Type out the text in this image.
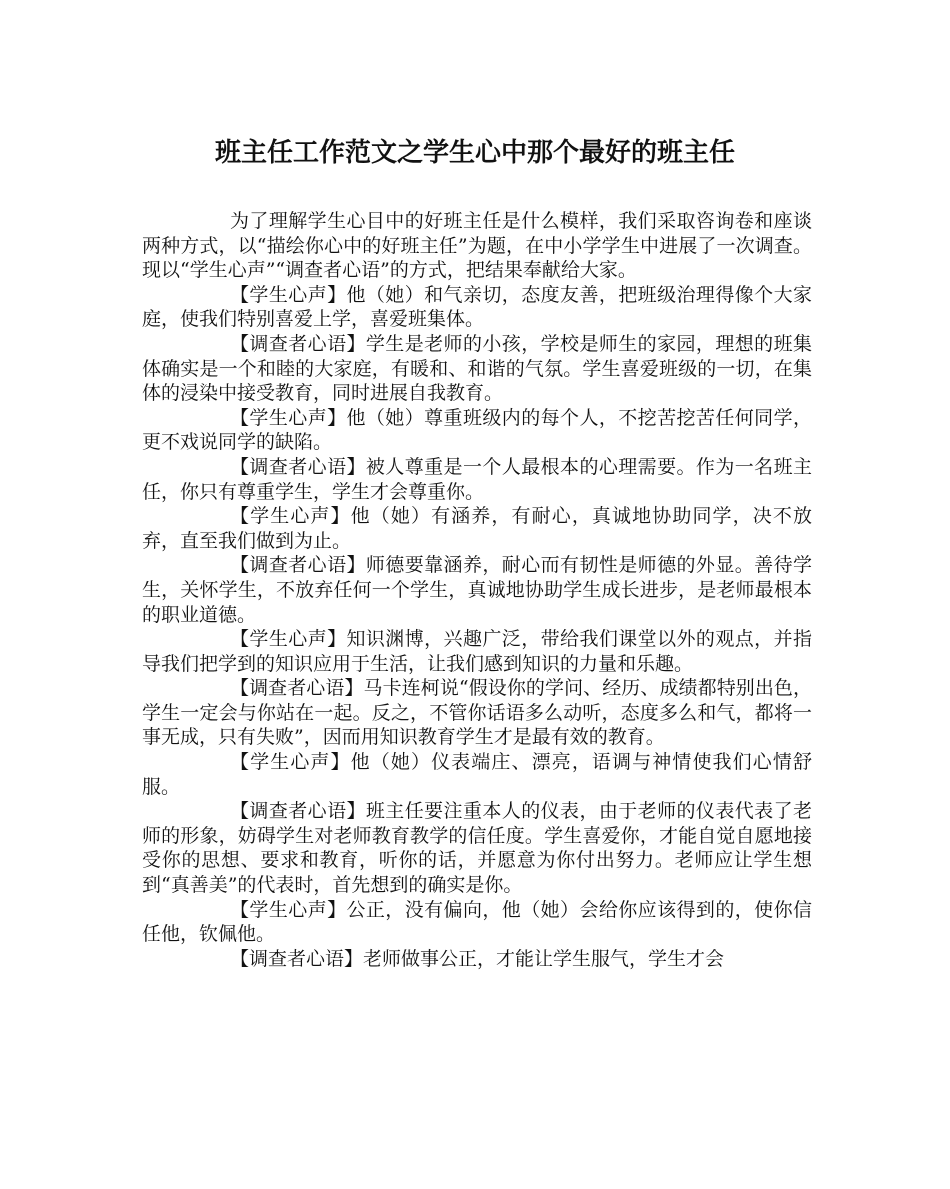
班主任工作范文之学生心中那个最好的班主任

为了理解学生心目中的好班主任是什么模样，我们采取咨询卷和座谈两种方式，以“描绘你心中的好班主任”为题，在中小学学生中进展了一次调查。现以“学生心声”“调查者心语”的方式，把结果奉献给大家。

【学生心声】他（她）和气亲切，态度友善，把班级治理得像个大家庭，使我们特别喜爱上学，喜爱班集体。

【调查者心语】学生是老师的小孩，学校是师生的家园，理想的班集体确实是一个和睦的大家庭，有暖和、和谐的气氛。学生喜爱班级的一切，在集体的浸染中接受教育，同时进展自我教育。

【学生心声】他（她）尊重班级内的每个人，不挖苦挖苦任何同学，更不戏说同学的缺陷。

【调查者心语】被人尊重是一个人最根本的心理需要。作为一名班主任，你只有尊重学生，学生才会尊重你。

【学生心声】他（她）有涵养，有耐心，真诚地协助同学，决不放弃，直至我们做到为止。

【调查者心语】师德要靠涵养，耐心而有韧性是师德的外显。善待学生，关怀学生，不放弃任何一个学生，真诚地协助学生成长进步，是老师最根本的职业道德。

【学生心声】知识渊博，兴趣广泛，带给我们课堂以外的观点，并指导我们把学到的知识应用于生活，让我们感到知识的力量和乐趣。

【调查者心语】马卡连柯说“假设你的学问、经历、成绩都特别出色，学生一定会与你站在一起。反之，不管你话语多么动听，态度多么和气，都将一事无成，只有失败”，因而用知识教育学生才是最有效的教育。

【学生心声】他（她）仪表端庄、漂亮，语调与神情使我们心情舒服。

【调查者心语】班主任要注重本人的仪表，由于老师的仪表代表了老师的形象，妨碍学生对老师教育教学的信任度。学生喜爱你，才能自觉自愿地接受你的思想、要求和教育，听你的话，并愿意为你付出努力。老师应让学生想到“真善美”的代表时，首先想到的确实是你。

【学生心声】公正，没有偏向，他（她）会给你应该得到的，使你信任他，钦佩他。

【调查者心语】老师做事公正，才能让学生服气，学生才会
